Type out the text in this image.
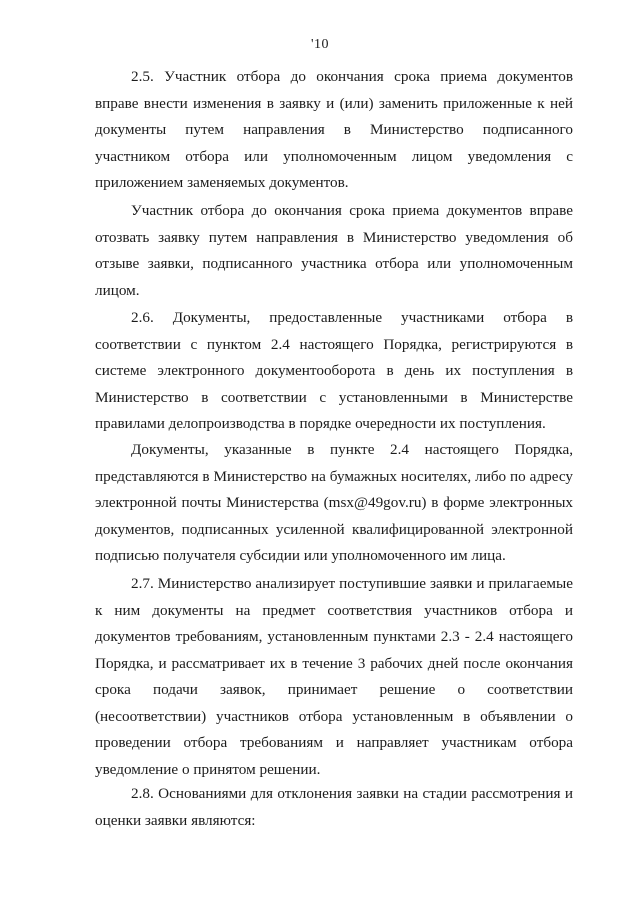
'10

2.5. Участник отбора до окончания срока приема документов вправе внести изменения в заявку и (или) заменить приложенные к ней документы путем направления в Министерство подписанного участником отбора или уполномоченным лицом уведомления с приложением заменяемых документов.

Участник отбора до окончания срока приема документов вправе отозвать заявку путем направления в Министерство уведомления об отзыве заявки, подписанного участника отбора или уполномоченным лицом.

2.6. Документы, предоставленные участниками отбора в соответствии с пунктом 2.4 настоящего Порядка, регистрируются в системе электронного документооборота в день их поступления в Министерство в соответствии с установленными в Министерстве правилами делопроизводства в порядке очередности их поступления.

Документы, указанные в пункте 2.4 настоящего Порядка, представляются в Министерство на бумажных носителях, либо по адресу электронной почты Министерства (msx@49gov.ru) в форме электронных документов, подписанных усиленной квалифицированной электронной подписью получателя субсидии или уполномоченного им лица.

2.7. Министерство анализирует поступившие заявки и прилагаемые к ним документы на предмет соответствия участников отбора и документов требованиям, установленным пунктами 2.3 - 2.4 настоящего Порядка, и рассматривает их в течение 3 рабочих дней после окончания срока подачи заявок, принимает решение о соответствии (несоответствии) участников отбора установленным в объявлении о проведении отбора требованиям и направляет участникам отбора уведомление о принятом решении.

2.8. Основаниями для отклонения заявки на стадии рассмотрения и оценки заявки являются:
